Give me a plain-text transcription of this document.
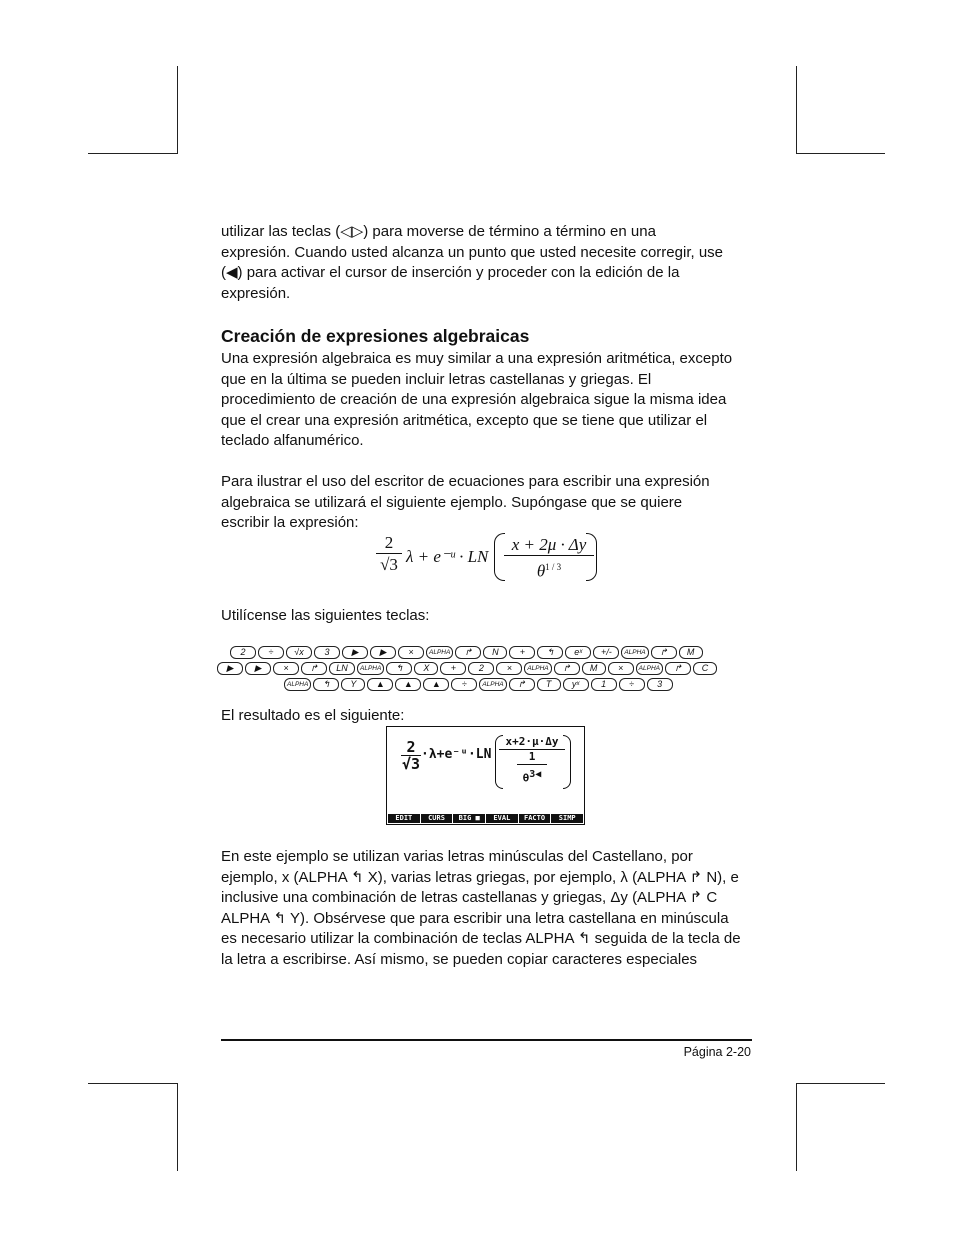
utilizar las teclas (◁▷) para moverse de término a término en una
expresión. Cuando usted alcanza un punto que usted necesite corregir, use
(◀) para activar el cursor de inserción y proceder con la edición de la
expresión.
Creación de expresiones algebraicas
Una expresión algebraica es muy similar a una expresión aritmética, excepto
que en la última se pueden incluir letras castellanas y griegas. El
procedimiento de creación de una expresión algebraica sigue la misma idea
que el crear una expresión aritmética, excepto que se tiene que utilizar el
teclado alfanumérico.
Para ilustrar el uso del escritor de ecuaciones para escribir una expresión
algebraica se utilizará el siguiente ejemplo. Supóngase que se quiere
escribir la expresión:
$\frac{2}{√3}$ λ + e⁻ᵘ · LN $\frac{x + 2\mu \cdot \Delta y}{\theta^{1 / 3}}$
Utilícense las siguientes teclas:
2	÷ √x 3 ▶ ▶ × ALPHA ↱ N + ↰ eˣ +/- ALPHA ↱ M
▶ ▶ × ↱ LN ALPHA ↰ X +	2	× ALPHA ↱ M × ALPHA ↱ C
ALPHA ↰ Y ▲ ▲ ▲ ÷ ALPHA ↱ T yˣ 1	÷	3
El resultado es el siguiente:
$\frac{2}{√3}$ ·λ+e⁻ᵘ·LN
x+2·μ·Δy
1
$\theta^{3◀}$
EDIT	CURS	BIG ■	EVAL	FACTO	SIMP
En este ejemplo se utilizan varias letras minúsculas del Castellano, por
ejemplo, x (ALPHA ↰ X), varias letras griegas, por ejemplo, λ (ALPHA ↱ N), e
inclusive una combinación de letras castellanas y griegas, Δy (ALPHA ↱ C
ALPHA ↰ Y). Obsérvese que para escribir una letra castellana en minúscula
es necesario utilizar la combinación de teclas ALPHA ↰ seguida de la tecla de
la letra a escribirse. Así mismo, se pueden copiar caracteres especiales
Página 2-20
